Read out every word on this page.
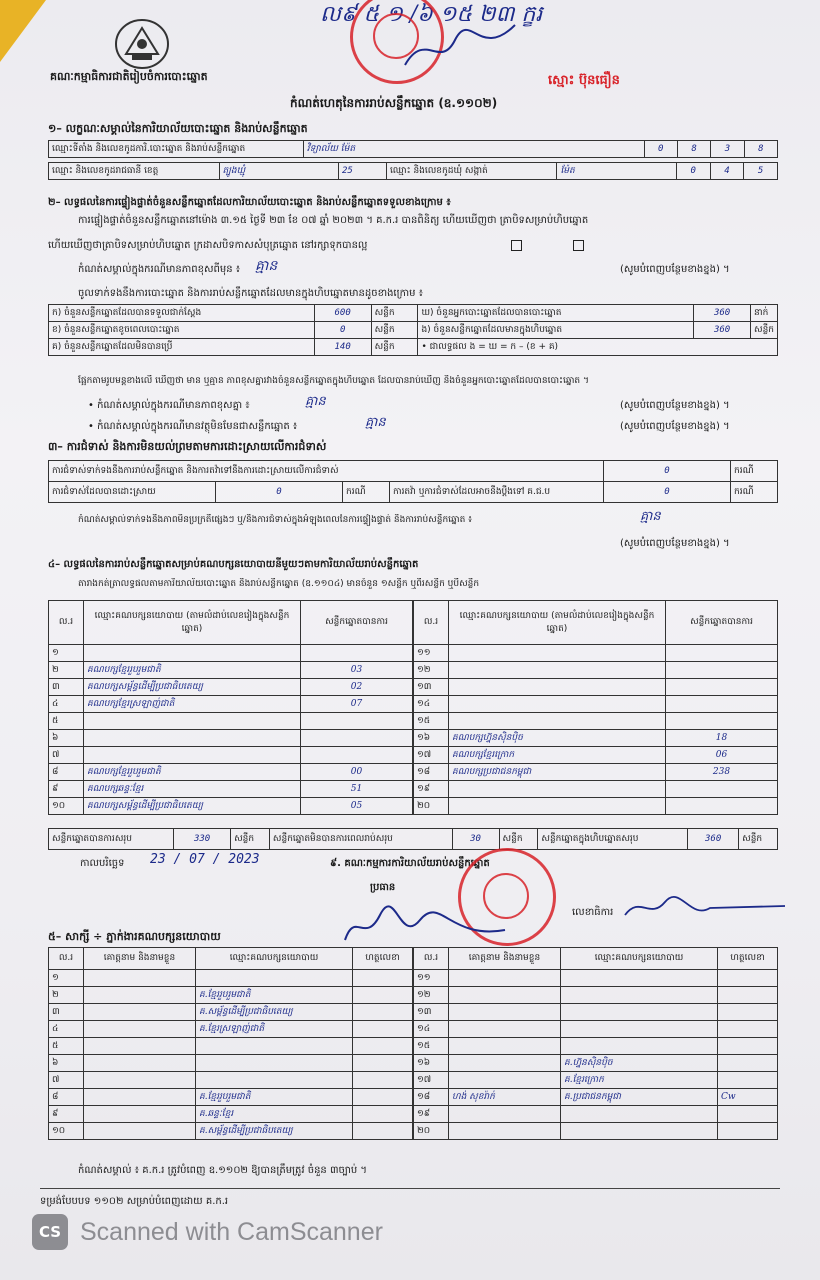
ល៩ ៥ ១ /៦ ១៥ ២៣ ក្ខរ
ស្មោះ ប៊ុនធឿន
គណៈកម្មាធិការជាតិរៀបចំការបោះឆ្នោត
កំណត់ហេតុនៃការរាប់សន្លឹកឆ្នោត (ឧ.១១០២)
១– លក្ខណៈសម្គាល់នៃការិយាល័យបោះឆ្នោត និងរាប់សន្លឹកឆ្នោត
ឈ្មោះទីតាំង និងលេខកូដការិ.បោះឆ្នោត និងរាប់សន្លឹកឆ្នោត	វិទ្យាល័យ ម៉ែត	0	8	3	8
ឈ្មោះ និងលេខកូដរាជធានី ខេត្ត	ត្បូងឃ្មុំ	25	ឈ្មោះ និងលេខកូដឃុំ សង្កាត់	ម៉ែត	0	4	5
២– លទ្ធផលនៃការផ្ទៀងផ្ទាត់ចំនួនសន្លឹកឆ្នោតដែលការិយាល័យបោះឆ្នោត និងរាប់សន្លឹកឆ្នោតទទួលខាងក្រោម ៖
ការផ្ទៀងផ្ទាត់ចំនួនសន្លឹកឆ្នោតនៅម៉ោង ៣.១៥ ថ្ងៃទី ២៣ ខែ ០៧ ឆ្នាំ ២០២៣ ។ គ.ក.រ បានពិនិត្យ ហើយឃើញថា ត្រាបិទសម្រាប់ហិបឆ្នោត
ហើយឃើញថាត្រាបិទសម្រាប់ហិបឆ្នោត ក្រដាសបិទកាសសំបុត្រឆ្នោត នៅរក្សាទុកបានល្អ
កំណត់សម្គាល់ក្នុងករណីមានភាពខុសពីមុន ៖ គ្មាន	(សូមបំពេញបន្ថែមខាងខ្នង) ។
ចូលទាក់ទងនឹងការបោះឆ្នោត និងការរាប់សន្លឹកឆ្នោតដែលមានក្នុងហិបឆ្នោតមានដូចខាងក្រោម ៖
ក) ចំនួនសន្លឹកឆ្នោតដែលបានទទួលជាក់ស្តែង	600	សន្លឹក	ឃ) ចំនួនអ្នកបោះឆ្នោតដែលបានបោះឆ្នោត	360	នាក់
ខ) ចំនួនសន្លឹកឆ្នោតខូចពេលបោះឆ្នោត	0	សន្លឹក	ង) ចំនួនសន្លឹកឆ្នោតដែលមានក្នុងហិបឆ្នោត	360	សន្លឹក
គ) ចំនួនសន្លឹកឆ្នោតដែលមិនបានប្រើ	140	សន្លឹក	• ជាលទ្ធផល ង = ឃ = ក – (ខ + គ)		
ផ្អែកតាមរូបមន្តខាងលើ ឃើញថា មាន ឬគ្មាន ភាពខុសគ្នារវាងចំនួនសន្លឹកឆ្នោតក្នុងហិបឆ្នោត ដែលបានរាប់ឃើញ និងចំនួនអ្នកបោះឆ្នោតដែលបានបោះឆ្នោត ។
• កំណត់សម្គាល់ក្នុងករណីមានភាពខុសគ្នា ៖	គ្មាន	(សូមបំពេញបន្ថែមខាងខ្នង) ។
• កំណត់សម្គាល់ក្នុងករណីមានវត្ថុមិនមែនជាសន្លឹកឆ្នោត ៖	គ្មាន	(សូមបំពេញបន្ថែមខាងខ្នង) ។
៣– ការជំទាស់ និងការមិនយល់ព្រមតាមការដោះស្រាយលើការជំទាស់
ការជំទាស់ទាក់ទងនឹងការរាប់សន្លឹកឆ្នោត និងការតវ៉ាទៅនឹងការដោះស្រាយលើការជំទាស់				0	ករណី
ការជំទាស់ដែលបានដោះស្រាយ	0	ករណី	ការតវ៉ា ឬការជំទាស់ដែលអាចនឹងប្តឹងទៅ គ.ជ.ប	0	ករណី
កំណត់សម្គាល់ទាក់ទងនឹងភាពមិនប្រក្រតីផ្សេងៗ ឬ/និងការជំទាស់ក្នុងអំឡុងពេលនៃការផ្ទៀងផ្ទាត់ និងការរាប់សន្លឹកឆ្នោត ៖	គ្មាន
(សូមបំពេញបន្ថែមខាងខ្នង) ។
៤– លទ្ធផលនៃការរាប់សន្លឹកឆ្នោតសម្រាប់គណបក្សនយោបាយនីមួយៗតាមការិយាល័យរាប់សន្លឹកឆ្នោត
តារាងកត់ត្រាលទ្ធផលតាមការិយាល័យបោះឆ្នោត និងរាប់សន្លឹកឆ្នោត (ឧ.១១០៤) មានចំនួន ១សន្លឹក ឬពីរសន្លឹក ឬបីសន្លឹក
ល.រ	ឈ្មោះគណបក្សនយោបាយ (តាមលំដាប់លេខរៀងក្នុងសន្លឹកឆ្នោត)	សន្លឹកឆ្នោតបានការ
១		
២	គណបក្សខ្មែររួបរួមជាតិ	03
៣	គណបក្សសម្ព័ន្ធដើម្បីប្រជាធិបតេយ្យ	02
៤	គណបក្សខ្មែរស្រឡាញ់ជាតិ	07
៥		
៦		
៧		
៨	គណបក្សខ្មែររួបរួមជាតិ	00
៩	គណបក្សឆន្ទៈខ្មែរ	51
១០	គណបក្សសម្ព័ន្ធដើម្បីប្រជាធិបតេយ្យ	05
ល.រ	ឈ្មោះគណបក្សនយោបាយ (តាមលំដាប់លេខរៀងក្នុងសន្លឹកឆ្នោត)	សន្លឹកឆ្នោតបានការ
១១		
១២		
១៣		
១៤		
១៥		
១៦	គណបក្សហ្វ៊ុនស៊ិនប៉ិច	18
១៧	គណបក្សខ្មែរក្រោក	06
១៨	គណបក្សប្រជាជនកម្ពុជា	238
១៩		
២០		
សន្លឹកឆ្នោតបានការសរុប	330	សន្លឹក	សន្លឹកឆ្នោតមិនបានការពេលរាប់សរុប	30	សន្លឹក	សន្លឹកឆ្នោតក្នុងហិបឆ្នោតសរុប	360	សន្លឹក
កាលបរិច្ឆេទ 23 / 07 / 2023	៩. គណៈកម្មការការិយាល័យរាប់សន្លឹកឆ្នោត
ប្រធាន
លេខាធិការ
៥– សាក្សី ÷ ភ្នាក់ងារគណបក្សនយោបាយ
ល.រ	គោត្តនាម និងនាមខ្លួន	ឈ្មោះគណបក្សនយោបាយ	ហត្ថលេខា
១			
២		គ.ខ្មែររួបរួមជាតិ	
៣		គ.សម្ព័ន្ធដើម្បីប្រជាធិបតេយ្យ	
៤		គ.ខ្មែរស្រឡាញ់ជាតិ	
៥			
៦			
៧			
៨		គ.ខ្មែររួបរួមជាតិ	
៩		គ.ឆន្ទៈខ្មែរ	
១០		គ.សម្ព័ន្ធដើម្បីប្រជាធិបតេយ្យ	
ល.រ	គោត្តនាម និងនាមខ្លួន	ឈ្មោះគណបក្សនយោបាយ	ហត្ថលេខា
១១			
១២			
១៣			
១៤			
១៥			
១៦		គ.ហ្វ៊ុនស៊ិនប៉ិច	
១៧		គ.ខ្មែរក្រោក	
១៨	ហង់ សុខរ៉ាក់	គ.ប្រជាជនកម្ពុជា	Cw
១៩			
២០			
កំណត់សម្គាល់ ៖ គ.ក.រ ត្រូវបំពេញ ឧ.១១០២ ឱ្យបានត្រឹមត្រូវ ចំនួន ៣ច្បាប់ ។
ទម្រង់បែបបទ ១១០២ សម្រាប់បំពេញដោយ គ.ក.រ
CS Scanned with CamScanner
